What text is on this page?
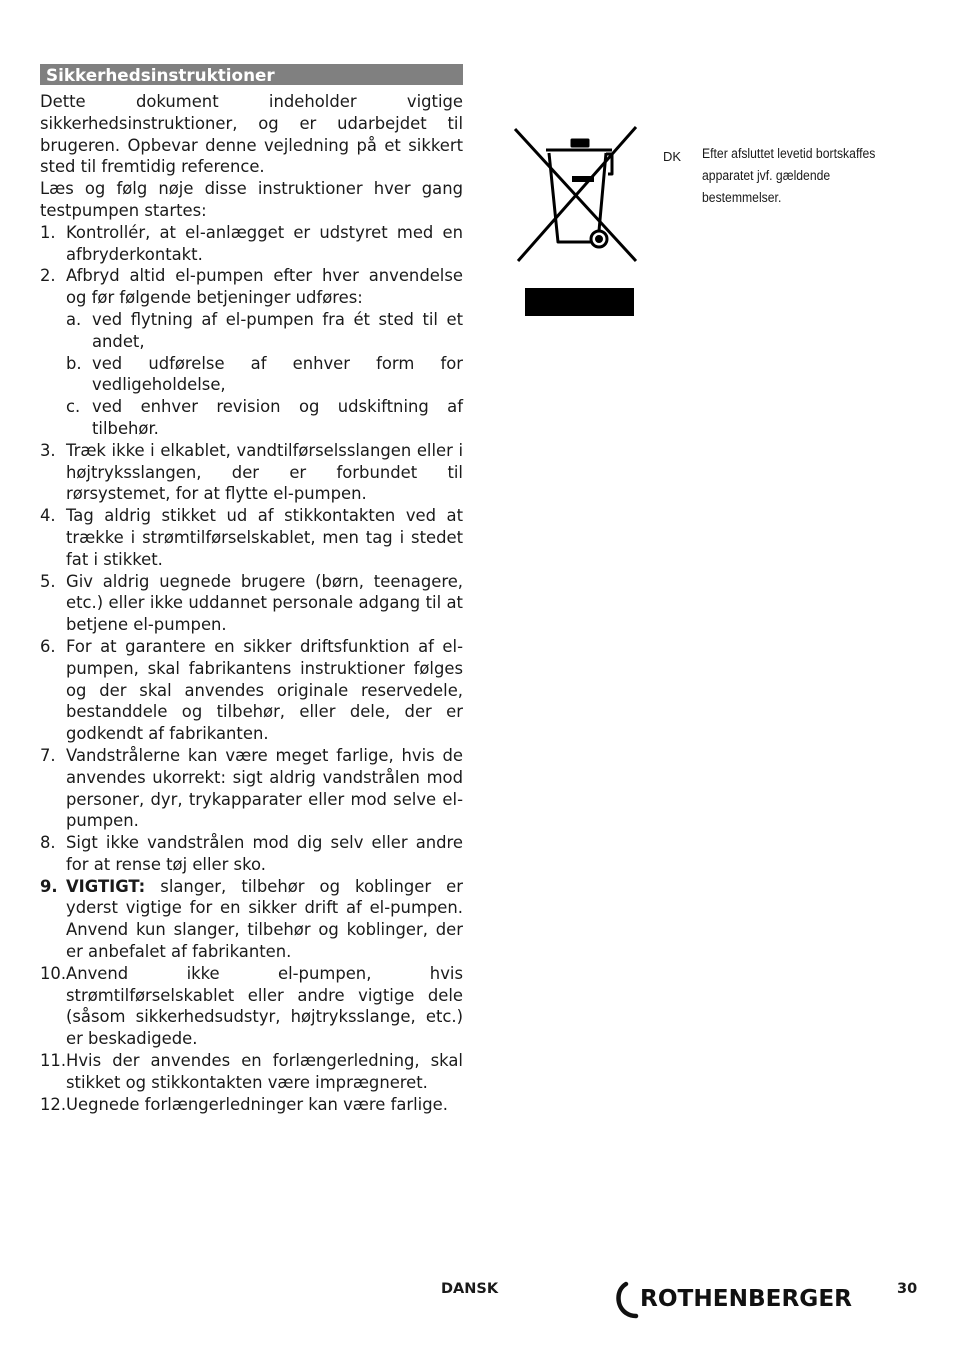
Sikkerhedsinstruktioner

Dette dokument indeholder vigtige sikkerhedsinstruktioner, og er udarbejdet til brugeren. Opbevar denne vejledning på et sikkert sted til fremtidig reference.

Læs og følg nøje disse instruktioner hver gang testpumpen startes:

1. Kontrollér, at el-anlægget er udstyret med en afbryderkontakt.
2. Afbryd altid el-pumpen efter hver anvendelse og før følgende betjeninger udføres:
a. ved flytning af el-pumpen fra ét sted til et andet,
b. ved udførelse af enhver form for vedligeholdelse,
c. ved enhver revision og udskiftning af tilbehør.
3. Træk ikke i elkablet, vandtilførselsslangen eller i højtryksslangen, der er forbundet til rørsystemet, for at flytte el-pumpen.
4. Tag aldrig stikket ud af stikkontakten ved at trække i strømtilførselskablet, men tag i stedet fat i stikket.
5. Giv aldrig uegnede brugere (børn, teenagere, etc.) eller ikke uddannet personale adgang til at betjene el-pumpen.
6. For at garantere en sikker driftsfunktion af el-pumpen, skal fabrikantens instruktioner følges og der skal anvendes originale reservedele, bestanddele og tilbehør, eller dele, der er godkendt af fabrikanten.
7. Vandstrålerne kan være meget farlige, hvis de anvendes ukorrekt: sigt aldrig vandstrålen mod personer, dyr, trykapparater eller mod selve el-pumpen.
8. Sigt ikke vandstrålen mod dig selv eller andre for at rense tøj eller sko.
9. VIGTIGT: slanger, tilbehør og koblinger er yderst vigtige for en sikker drift af el-pumpen. Anvend kun slanger, tilbehør og koblinger, der er anbefalet af fabrikanten.
10. Anvend ikke el-pumpen, hvis strømtilførselskablet eller andre vigtige dele (såsom sikkerhedsudstyr, højtryksslange, etc.) er beskadigede.
11. Hvis der anvendes en forlængerledning, skal stikket og stikkontakten være imprægneret.
12. Uegnede forlængerledninger kan være farlige.
DK Efter afsluttet levetid bortskaffes apparatet jvf. gældende bestemmelser.
DANSK	ROTHENBERGER	30
